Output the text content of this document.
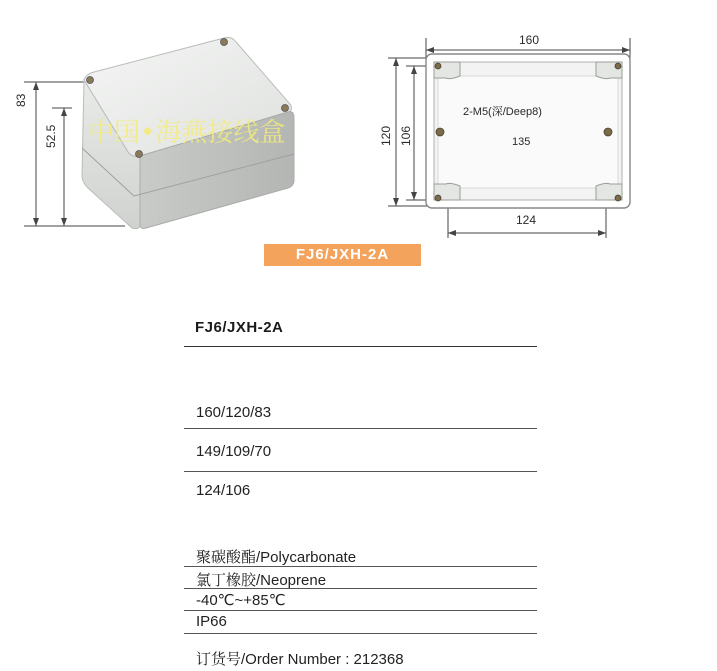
83
52.5 中国•海燕接线盒
160
120 106
2-M5(深/Deep8)
135
124
FJ6/JXH-2A
FJ6/JXH-2A
160/120/83
149/109/70
124/106
聚碳酸酯/Polycarbonate
氯丁橡胶/Neoprene
-40℃~+85℃
IP66
订货号/Order Number : 212368
